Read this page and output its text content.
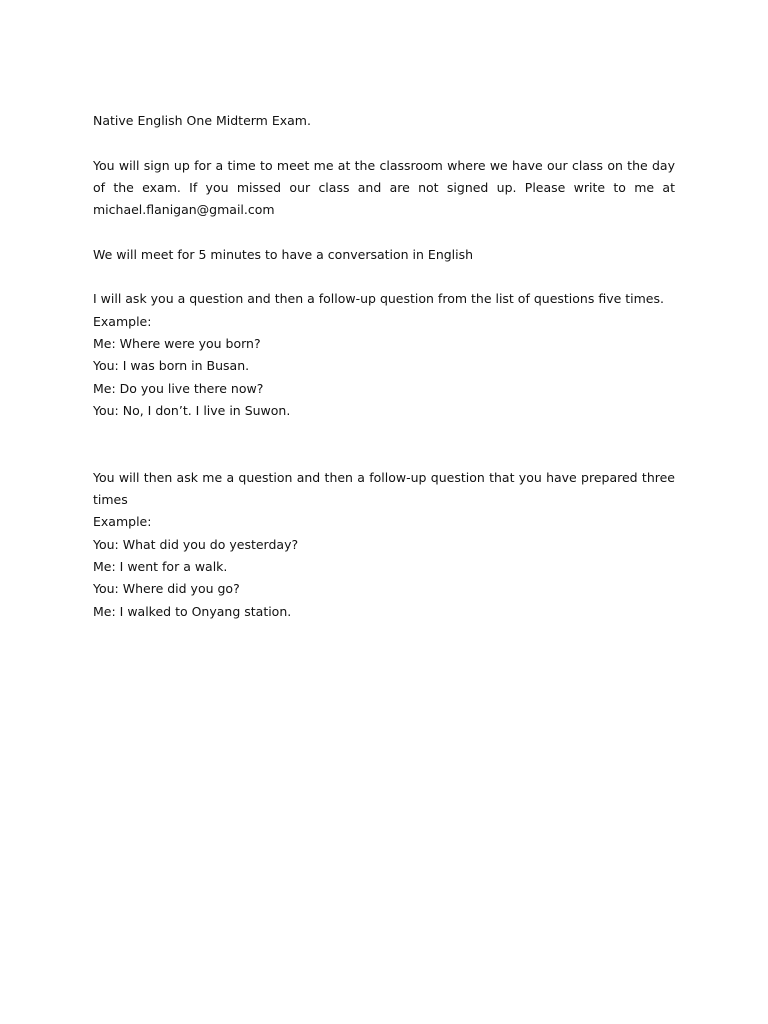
Native English One Midterm Exam.

You will sign up for a time to meet me at the classroom where we have our class on the day of the exam. If you missed our class and are not signed up. Please write to me at michael.flanigan@gmail.com

We will meet for 5 minutes to have a conversation in English

I will ask you a question and then a follow-up question from the list of questions five times.

Example:

Me: Where were you born?

You: I was born in Busan.

Me: Do you live there now?

You: No, I don’t. I live in Suwon.

You will then ask me a question and then a follow-up question that you have prepared three times

Example:

You: What did you do yesterday?

Me: I went for a walk.

You: Where did you go?

Me: I walked to Onyang station.
